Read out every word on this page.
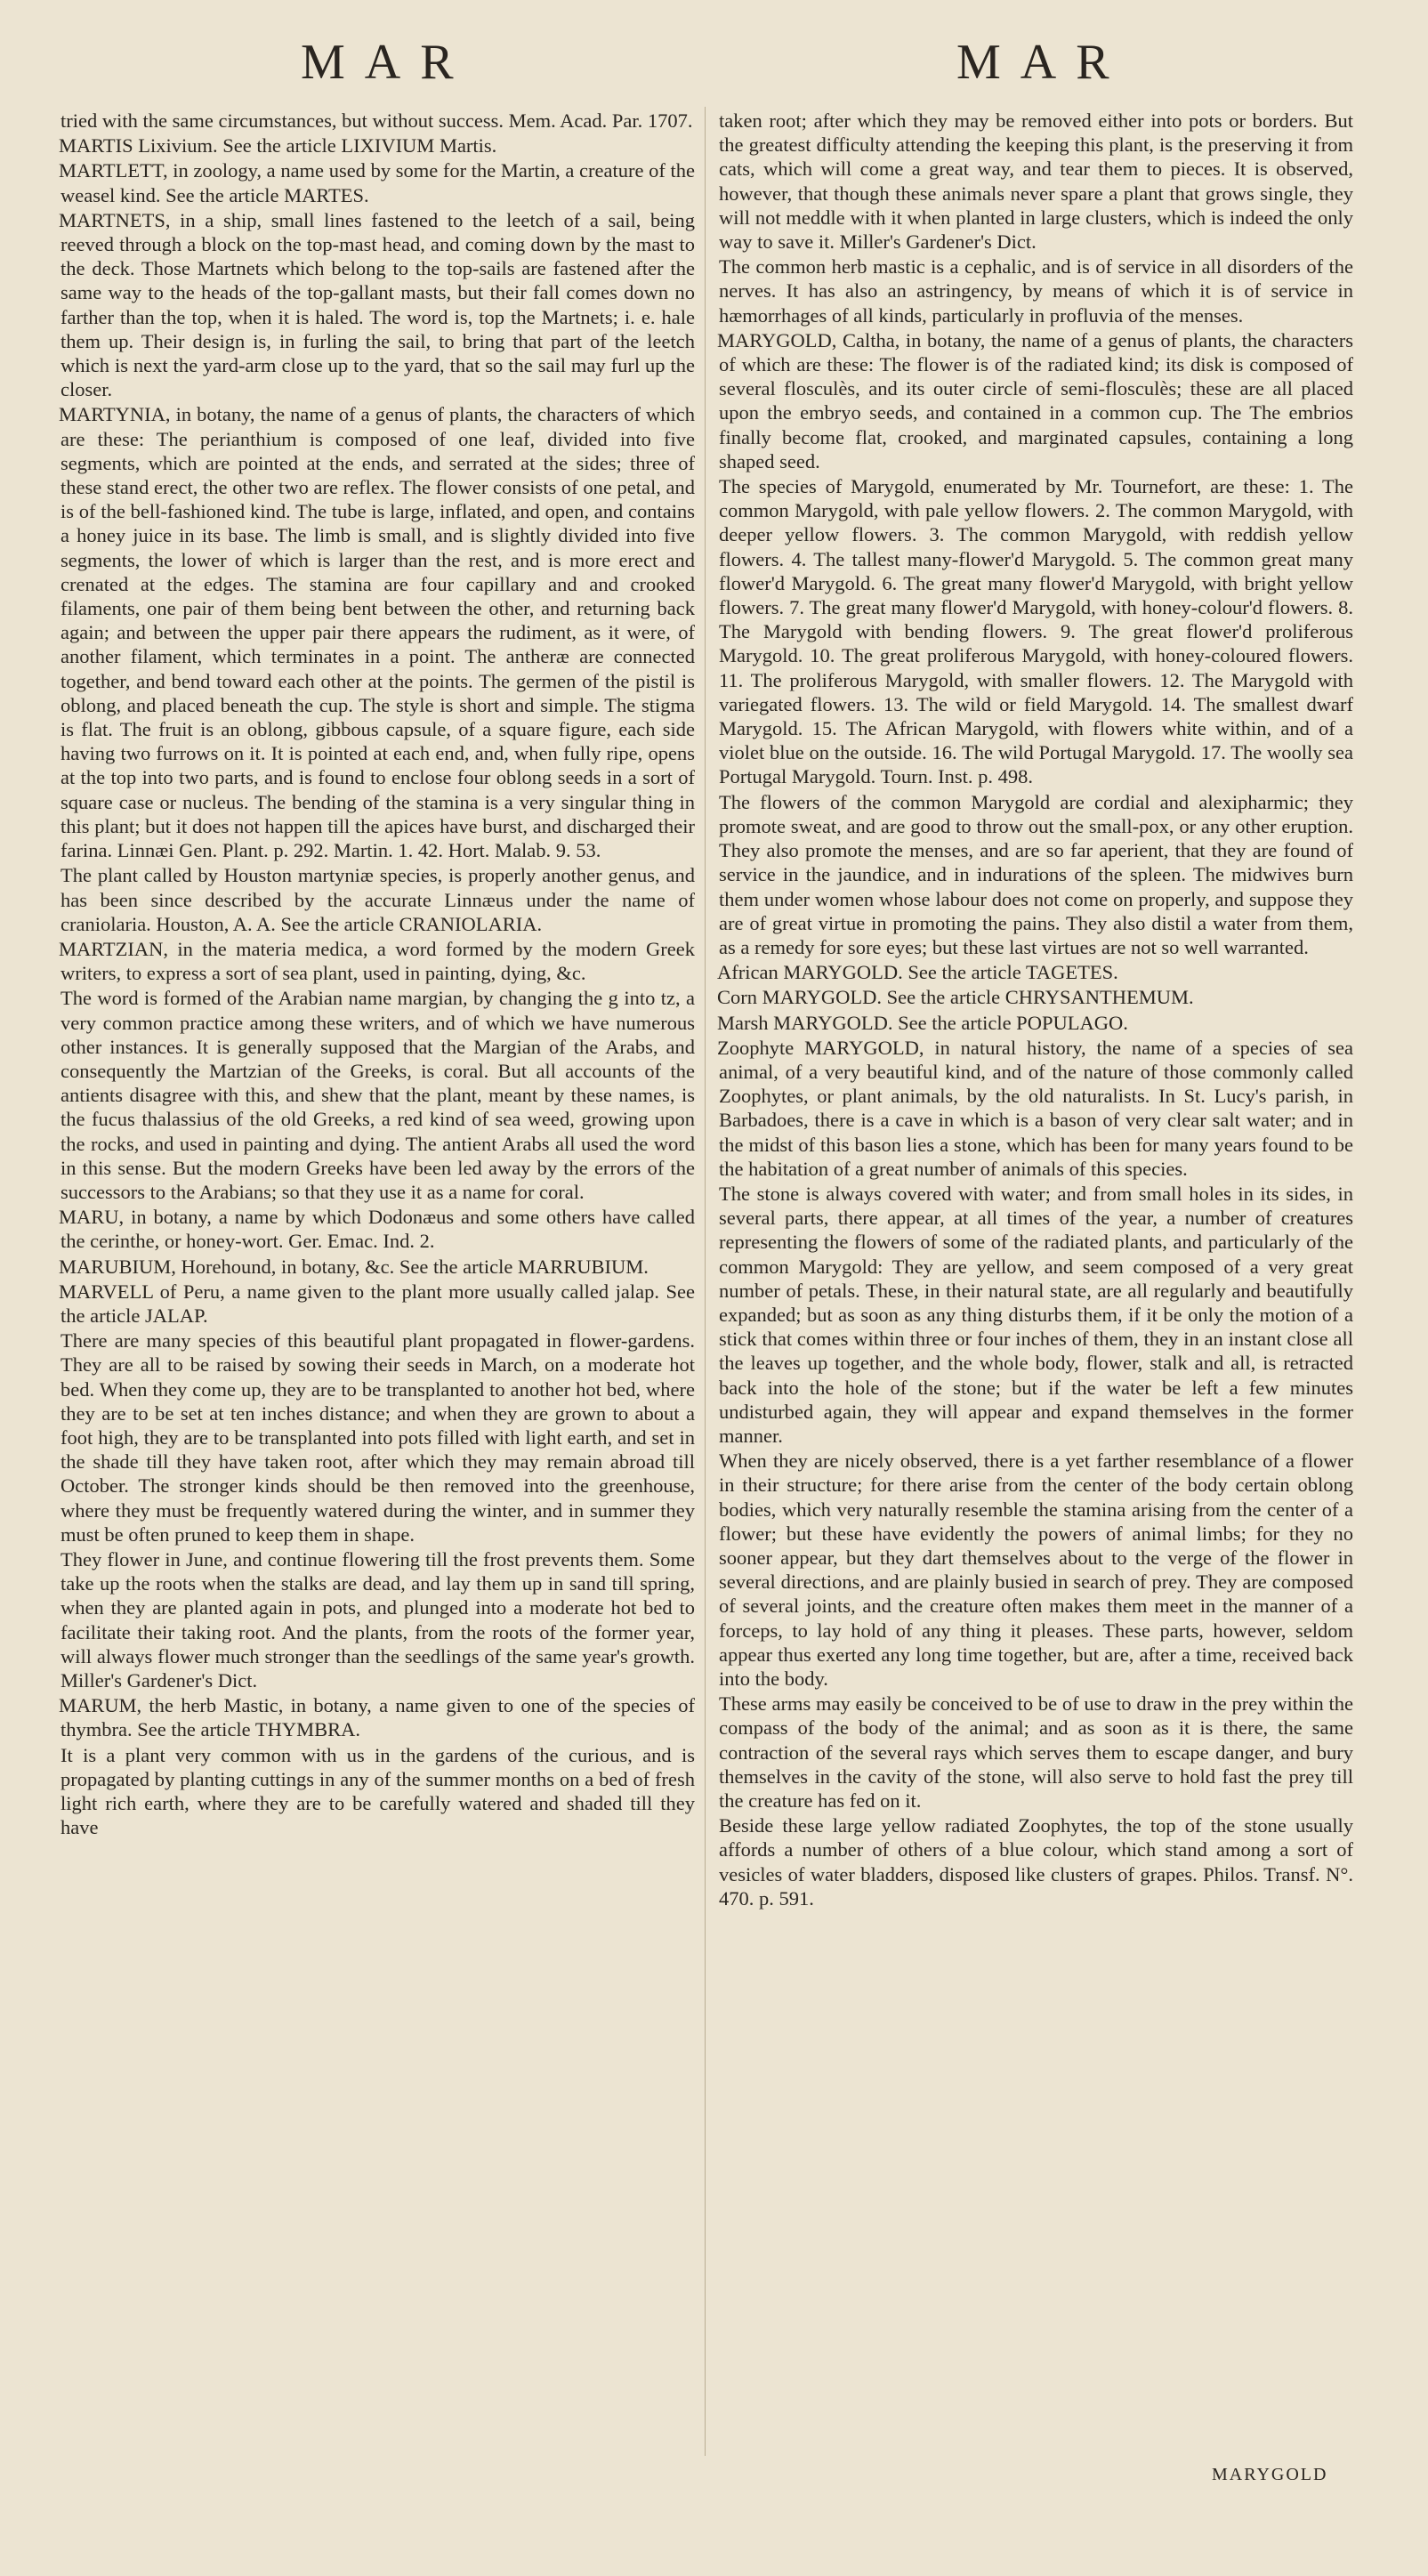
MAR	MAR

tried with the same circumstances, but without success. Mem. Acad. Par. 1707.

MARTIS Lixivium. See the article LIXIVIUM Martis.

MARTLETT, in zoology, a name used by some for the Martin, a creature of the weasel kind. See the article MARTES.

MARTNETS, in a ship, small lines fastened to the leetch of a sail, being reeved through a block on the top-mast head, and coming down by the mast to the deck. Those Martnets which belong to the top-sails are fastened after the same way to the heads of the top-gallant masts, but their fall comes down no farther than the top, when it is haled. The word is, top the Martnets; i. e. hale them up. Their design is, in furling the sail, to bring that part of the leetch which is next the yard-arm close up to the yard, that so the sail may furl up the closer.

MARTYNIA, in botany, the name of a genus of plants, the characters of which are these: The perianthium is composed of one leaf, divided into five segments, which are pointed at the ends, and serrated at the sides; three of these stand erect, the other two are reflex. The flower consists of one petal, and is of the bell-fashioned kind. The tube is large, inflated, and open, and contains a honey juice in its base. The limb is small, and is slightly divided into five segments, the lower of which is larger than the rest, and is more erect and crenated at the edges. The stamina are four capillary and and crooked filaments, one pair of them being bent between the other, and returning back again; and between the upper pair there appears the rudiment, as it were, of another filament, which terminates in a point. The antheræ are connected together, and bend toward each other at the points. The germen of the pistil is oblong, and placed beneath the cup. The style is short and simple. The stigma is flat. The fruit is an oblong, gibbous capsule, of a square figure, each side having two furrows on it. It is pointed at each end, and, when fully ripe, opens at the top into two parts, and is found to enclose four oblong seeds in a sort of square case or nucleus. The bending of the stamina is a very singular thing in this plant; but it does not happen till the apices have burst, and discharged their farina. Linnæi Gen. Plant. p. 292. Martin. 1. 42. Hort. Malab. 9. 53.

The plant called by Houston martyniæ species, is properly another genus, and has been since described by the accurate Linnæus under the name of craniolaria. Houston, A. A. See the article CRANIOLARIA.

MARTZIAN, in the materia medica, a word formed by the modern Greek writers, to express a sort of sea plant, used in painting, dying, &c.

The word is formed of the Arabian name margian, by changing the g into tz, a very common practice among these writers, and of which we have numerous other instances. It is generally supposed that the Margian of the Arabs, and consequently the Martzian of the Greeks, is coral. But all accounts of the antients disagree with this, and shew that the plant, meant by these names, is the fucus thalassius of the old Greeks, a red kind of sea weed, growing upon the rocks, and used in painting and dying. The antient Arabs all used the word in this sense. But the modern Greeks have been led away by the errors of the successors to the Arabians; so that they use it as a name for coral.

MARU, in botany, a name by which Dodonæus and some others have called the cerinthe, or honey-wort. Ger. Emac. Ind. 2.

MARUBIUM, Horehound, in botany, &c. See the article MARRUBIUM.

MARVELL of Peru, a name given to the plant more usually called jalap. See the article JALAP.

There are many species of this beautiful plant propagated in flower-gardens. They are all to be raised by sowing their seeds in March, on a moderate hot bed. When they come up, they are to be transplanted to another hot bed, where they are to be set at ten inches distance; and when they are grown to about a foot high, they are to be transplanted into pots filled with light earth, and set in the shade till they have taken root, after which they may remain abroad till October. The stronger kinds should be then removed into the greenhouse, where they must be frequently watered during the winter, and in summer they must be often pruned to keep them in shape.

They flower in June, and continue flowering till the frost prevents them. Some take up the roots when the stalks are dead, and lay them up in sand till spring, when they are planted again in pots, and plunged into a moderate hot bed to facilitate their taking root. And the plants, from the roots of the former year, will always flower much stronger than the seedlings of the same year's growth. Miller's Gardener's Dict.

MARUM, the herb Mastic, in botany, a name given to one of the species of thymbra. See the article THYMBRA.

It is a plant very common with us in the gardens of the curious, and is propagated by planting cuttings in any of the summer months on a bed of fresh light rich earth, where they are to be carefully watered and shaded till they have

taken root; after which they may be removed either into pots or borders. But the greatest difficulty attending the keeping this plant, is the preserving it from cats, which will come a great way, and tear them to pieces. It is observed, however, that though these animals never spare a plant that grows single, they will not meddle with it when planted in large clusters, which is indeed the only way to save it. Miller's Gardener's Dict.

The common herb mastic is a cephalic, and is of service in all disorders of the nerves. It has also an astringency, by means of which it is of service in hæmorrhages of all kinds, particularly in profluvia of the menses.

MARYGOLD, Caltha, in botany, the name of a genus of plants, the characters of which are these: The flower is of the radiated kind; its disk is composed of several flosculès, and its outer circle of semi-flosculès; these are all placed upon the embryo seeds, and contained in a common cup. The The embrios finally become flat, crooked, and marginated capsules, containing a long shaped seed.

The species of Marygold, enumerated by Mr. Tournefort, are these: 1. The common Marygold, with pale yellow flowers. 2. The common Marygold, with deeper yellow flowers. 3. The common Marygold, with reddish yellow flowers. 4. The tallest many-flower'd Marygold. 5. The common great many flower'd Marygold. 6. The great many flower'd Marygold, with bright yellow flowers. 7. The great many flower'd Marygold, with honey-colour'd flowers. 8. The Marygold with bending flowers. 9. The great flower'd proliferous Marygold. 10. The great proliferous Marygold, with honey-coloured flowers. 11. The proliferous Marygold, with smaller flowers. 12. The Marygold with variegated flowers. 13. The wild or field Marygold. 14. The smallest dwarf Marygold. 15. The African Marygold, with flowers white within, and of a violet blue on the outside. 16. The wild Portugal Marygold. 17. The woolly sea Portugal Marygold. Tourn. Inst. p. 498.

The flowers of the common Marygold are cordial and alexipharmic; they promote sweat, and are good to throw out the small-pox, or any other eruption. They also promote the menses, and are so far aperient, that they are found of service in the jaundice, and in indurations of the spleen. The midwives burn them under women whose labour does not come on properly, and suppose they are of great virtue in promoting the pains. They also distil a water from them, as a remedy for sore eyes; but these last virtues are not so well warranted.

African MARYGOLD. See the article TAGETES.

Corn MARYGOLD. See the article CHRYSANTHEMUM.

Marsh MARYGOLD. See the article POPULAGO.

Zoophyte MARYGOLD, in natural history, the name of a species of sea animal, of a very beautiful kind, and of the nature of those commonly called Zoophytes, or plant animals, by the old naturalists. In St. Lucy's parish, in Barbadoes, there is a cave in which is a bason of very clear salt water; and in the midst of this bason lies a stone, which has been for many years found to be the habitation of a great number of animals of this species.

The stone is always covered with water; and from small holes in its sides, in several parts, there appear, at all times of the year, a number of creatures representing the flowers of some of the radiated plants, and particularly of the common Marygold: They are yellow, and seem composed of a very great number of petals. These, in their natural state, are all regularly and beautifully expanded; but as soon as any thing disturbs them, if it be only the motion of a stick that comes within three or four inches of them, they in an instant close all the leaves up together, and the whole body, flower, stalk and all, is retracted back into the hole of the stone; but if the water be left a few minutes undisturbed again, they will appear and expand themselves in the former manner.

When they are nicely observed, there is a yet farther resemblance of a flower in their structure; for there arise from the center of the body certain oblong bodies, which very naturally resemble the stamina arising from the center of a flower; but these have evidently the powers of animal limbs; for they no sooner appear, but they dart themselves about to the verge of the flower in several directions, and are plainly busied in search of prey. They are composed of several joints, and the creature often makes them meet in the manner of a forceps, to lay hold of any thing it pleases. These parts, however, seldom appear thus exerted any long time together, but are, after a time, received back into the body.

These arms may easily be conceived to be of use to draw in the prey within the compass of the body of the animal; and as soon as it is there, the same contraction of the several rays which serves them to escape danger, and bury themselves in the cavity of the stone, will also serve to hold fast the prey till the creature has fed on it.

Beside these large yellow radiated Zoophytes, the top of the stone usually affords a number of others of a blue colour, which stand among a sort of vesicles of water bladders, disposed like clusters of grapes. Philos. Transf. N°. 470. p. 591.

MARYGOLD
